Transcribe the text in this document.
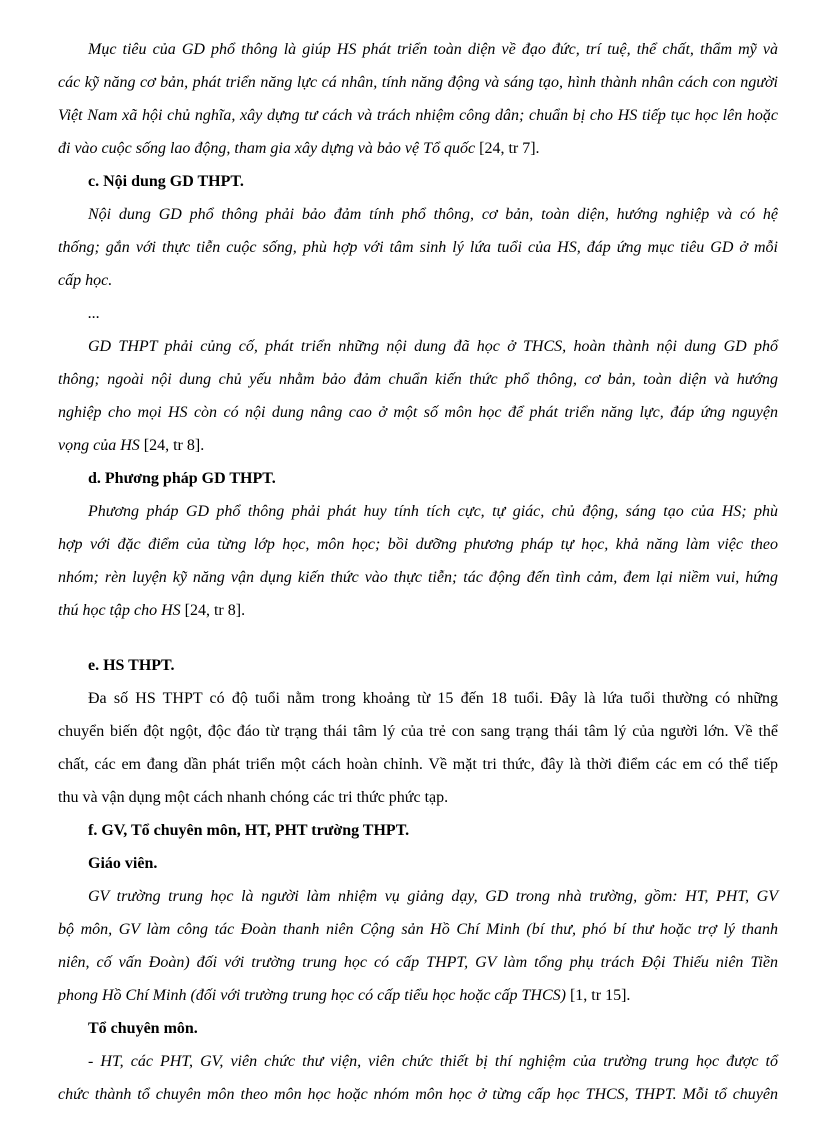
Mục tiêu của GD phổ thông là giúp HS phát triển toàn diện về đạo đức, trí tuệ, thể chất, thẩm mỹ và
các kỹ năng cơ bản, phát triển năng lực cá nhân, tính năng động và sáng tạo, hình thành nhân cách con người
Việt Nam xã hội chủ nghĩa, xây dựng tư cách và trách nhiệm công dân; chuẩn bị cho HS tiếp tục học lên hoặc
đi vào cuộc sống lao động, tham gia xây dựng và bảo vệ Tổ quốc [24, tr 7].
c. Nội dung GD THPT.
Nội dung GD phổ thông phải bảo đảm tính phổ thông, cơ bản, toàn diện, hướng nghiệp và có hệ
thống; gắn với thực tiễn cuộc sống, phù hợp với tâm sinh lý lứa tuổi của HS, đáp ứng mục tiêu GD ở mỗi
cấp học.
...
GD THPT phải củng cố, phát triển những nội dung đã học ở THCS, hoàn thành nội dung GD phổ
thông; ngoài nội dung chủ yếu nhằm bảo đảm chuẩn kiến thức phổ thông, cơ bản, toàn diện và hướng
nghiệp cho mọi HS còn có nội dung nâng cao ở một số môn học để phát triển năng lực, đáp ứng nguyện
vọng của HS [24, tr 8].
d. Phương pháp GD THPT.
Phương pháp GD phổ thông phải phát huy tính tích cực, tự giác, chủ động, sáng tạo của HS; phù
hợp với đặc điểm của từng lớp học, môn học; bồi dưỡng phương pháp tự học, khả năng làm việc theo
nhóm; rèn luyện kỹ năng vận dụng kiến thức vào thực tiễn; tác động đến tình cảm, đem lại niềm vui, hứng
thú học tập cho HS [24, tr 8].
e. HS THPT.
Đa số HS THPT có độ tuổi nằm trong khoảng từ 15 đến 18 tuổi. Đây là lứa tuổi thường có những
chuyển biến đột ngột, độc đáo từ trạng thái tâm lý của trẻ con sang trạng thái tâm lý của người lớn. Về thể
chất, các em đang dần phát triển một cách hoàn chỉnh. Về mặt tri thức, đây là thời điểm các em có thể tiếp
thu và vận dụng một cách nhanh chóng các tri thức phức tạp.
f. GV, Tổ chuyên môn, HT, PHT trường THPT.
Giáo viên.
GV trường trung học là người làm nhiệm vụ giảng dạy, GD trong nhà trường, gồm: HT, PHT, GV
bộ môn, GV làm công tác Đoàn thanh niên Cộng sản Hồ Chí Minh (bí thư, phó bí thư hoặc trợ lý thanh
niên, cố vấn Đoàn) đối với trường trung học có cấp THPT, GV làm tổng phụ trách Đội Thiếu niên Tiền
phong Hồ Chí Minh (đối với trường trung học có cấp tiểu học hoặc cấp THCS) [1, tr 15].
Tổ chuyên môn.
- HT, các PHT, GV, viên chức thư viện, viên chức thiết bị thí nghiệm của trường trung học được tổ
chức thành tổ chuyên môn theo môn học hoặc nhóm môn học ở từng cấp học THCS, THPT. Mỗi tổ chuyên
